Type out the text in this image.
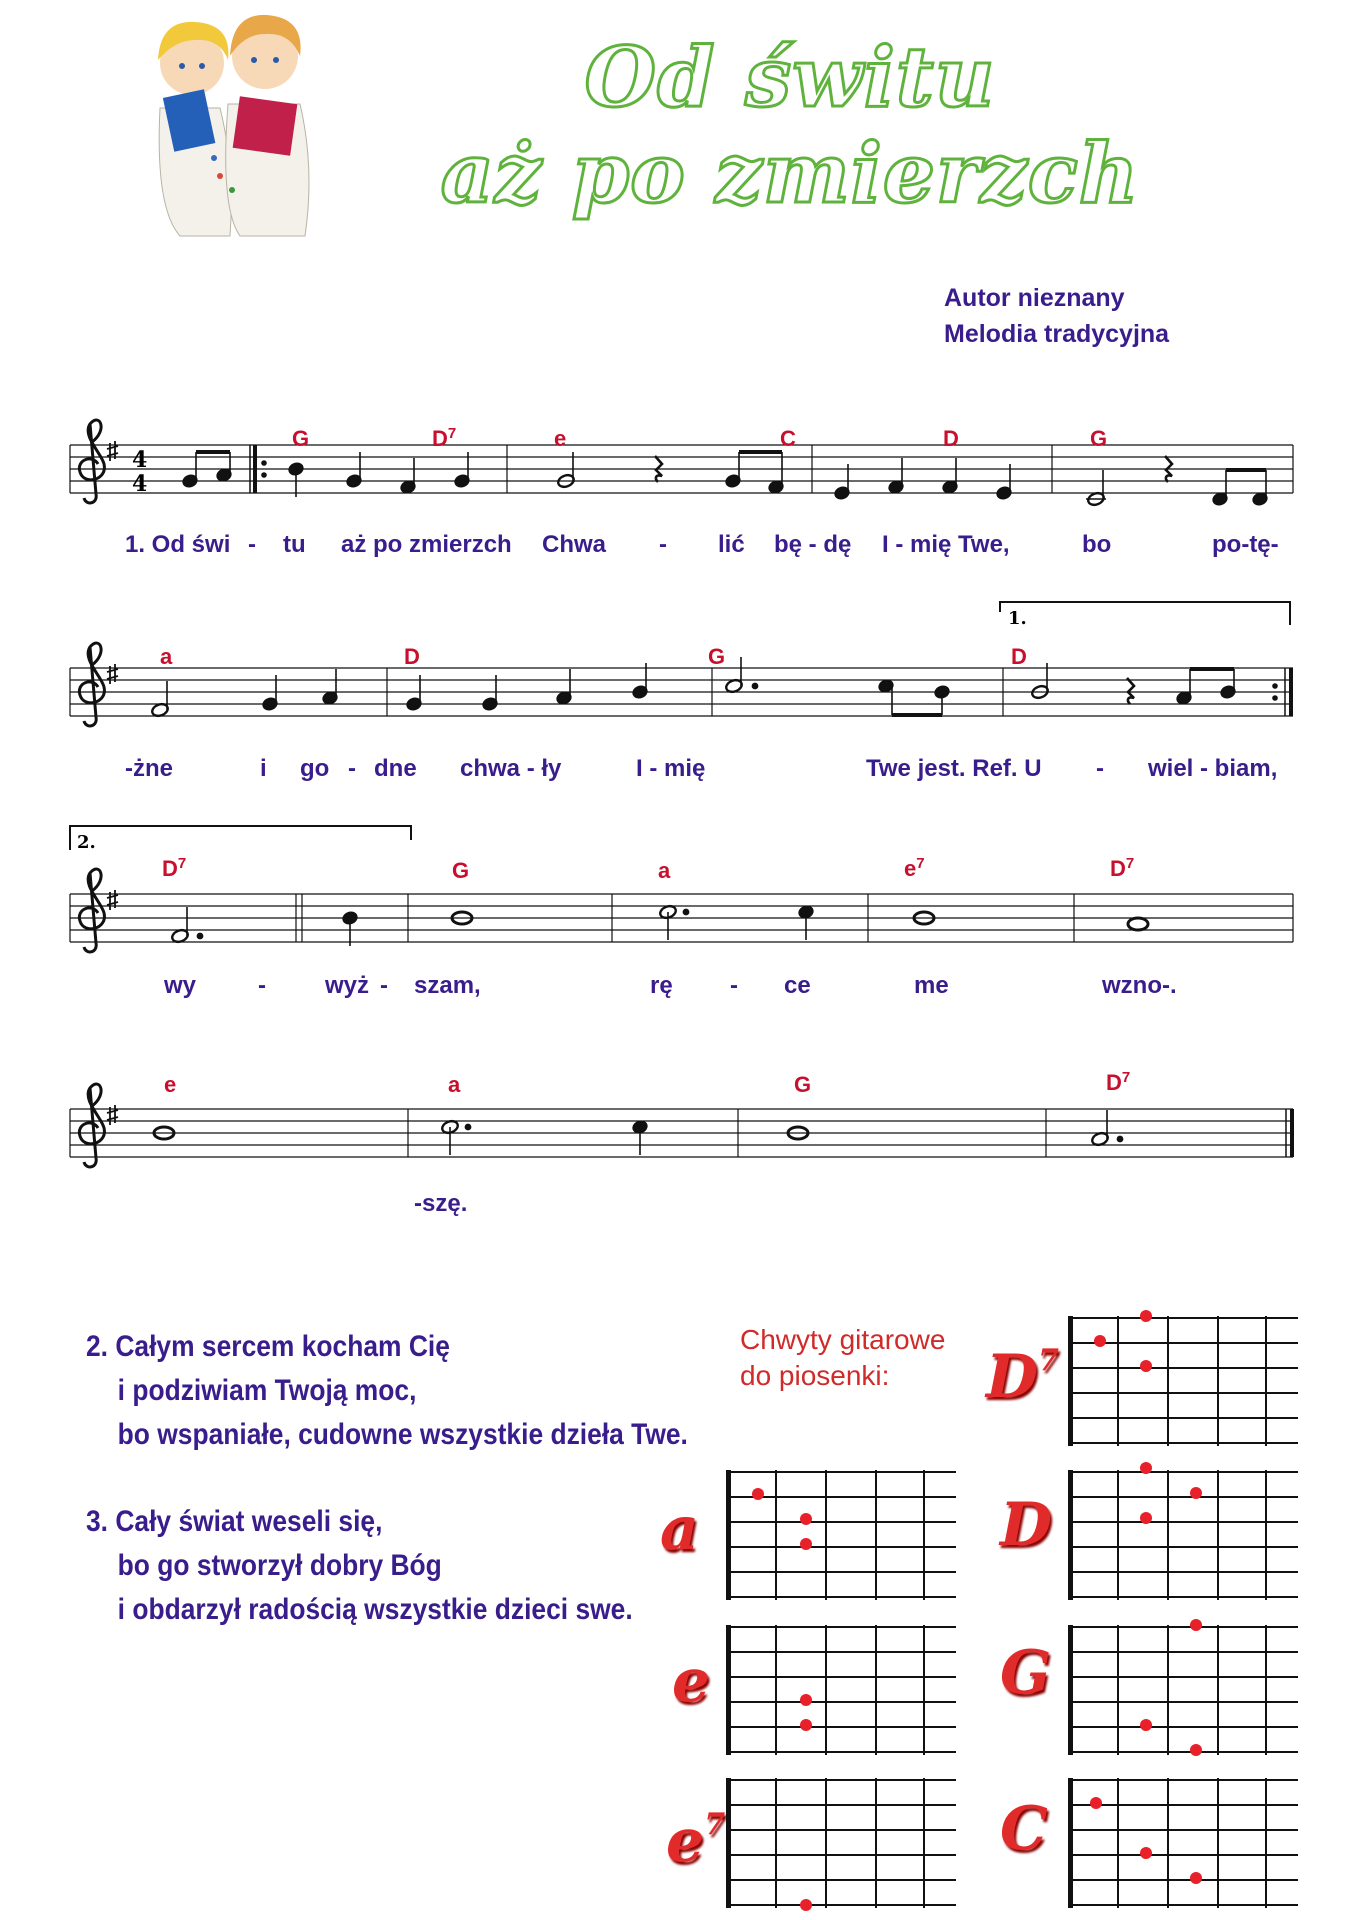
Od świtu
aż po zmierzch
Autor nieznany
Melodia tradycyjna
4
4
G	$D^7$	e	C	D	G
1. Od świ - tu aż po zmierzch Chwa - lić bę - dę I - mię Twe,	bo	po-tę-
1.
a	D	G	D
-żne	i go - dne chwa - ły	I - mię	Twe jest. Ref. U - wiel - biam,
2.
$D^7$	G	a	$e^7$	$D^7$
wy	- wyż - szam,	rę - ce	me	wzno-.
e	a	G	$D^7$
-szę.
2. Całym sercem kocham Cię
i podziwiam Twoją moc,
bo wspaniałe, cudowne wszystkie dzieła Twe.
3. Cały świat weseli się,
bo go stworzył dobry Bóg
i obdarzył radością wszystkie dzieci swe.
Chwyty gitarowe
do piosenki:	$D^7$
a	D
e	G
$e^7$	C
